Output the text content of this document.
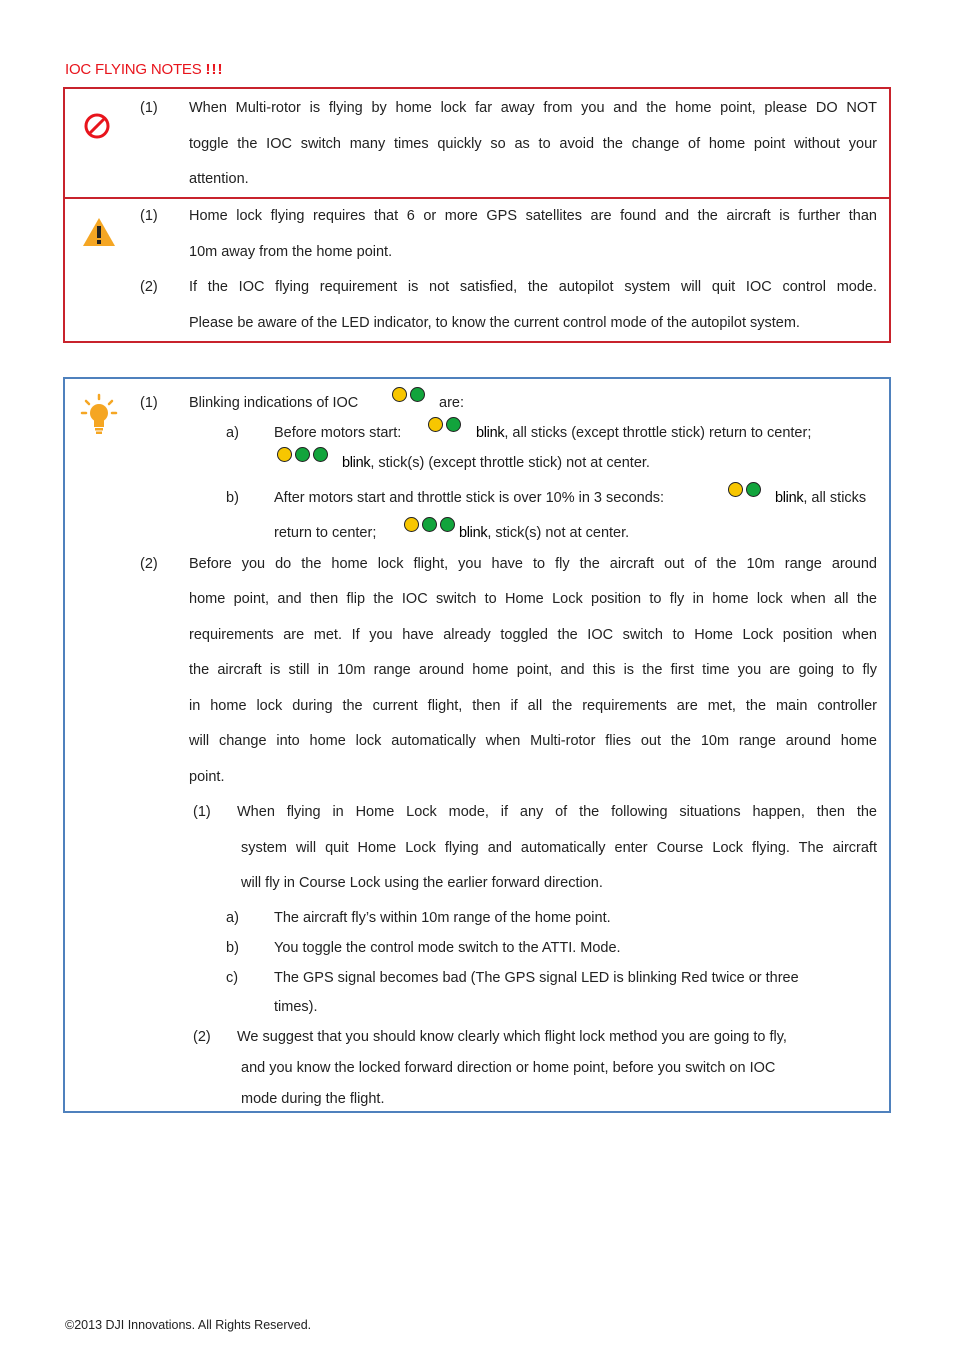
IOC FLYING NOTES !!!
(1) When Multi-rotor is flying by home lock far away from you and the home point, please DO NOT
toggle the IOC switch many times quickly so as to avoid the change of home point without your
attention.
(1) Home lock flying requires that 6 or more GPS satellites are found and the aircraft is further than
10m away from the home point.
(2) If the IOC flying requirement is not satisfied, the autopilot system will quit IOC control mode.
Please be aware of the LED indicator, to know the current control mode of the autopilot system.
(1) Blinking indications of IOC	are:
a) Before motors start:	blink, all sticks (except throttle stick) return to center;
blink, stick(s) (except throttle stick) not at center.
b) After motors start and throttle stick is over 10% in 3 seconds:	blink, all sticks
return to center;	blink, stick(s) not at center.
(2) Before you do the home lock flight, you have to fly the aircraft out of the 10m range around
home point, and then flip the IOC switch to Home Lock position to fly in home lock when all the
requirements are met. If you have already toggled the IOC switch to Home Lock position when
the aircraft is still in 10m range around home point, and this is the first time you are going to fly
in home lock during the current flight, then if all the requirements are met, the main controller
will change into home lock automatically when Multi-rotor flies out the 10m range around home
point.
(1) When flying in Home Lock mode, if any of the following situations happen, then the
system will quit Home Lock flying and automatically enter Course Lock flying. The aircraft
will fly in Course Lock using the earlier forward direction.
a) The aircraft fly’s within 10m range of the home point.
b) You toggle the control mode switch to the ATTI. Mode.
c) The GPS signal becomes bad (The GPS signal LED is blinking Red twice or three
times).
(2) We suggest that you should know clearly which flight lock method you are going to fly,
and you know the locked forward direction or home point, before you switch on IOC
mode during the flight.
©2013 DJI Innovations. All Rights Reserved.
